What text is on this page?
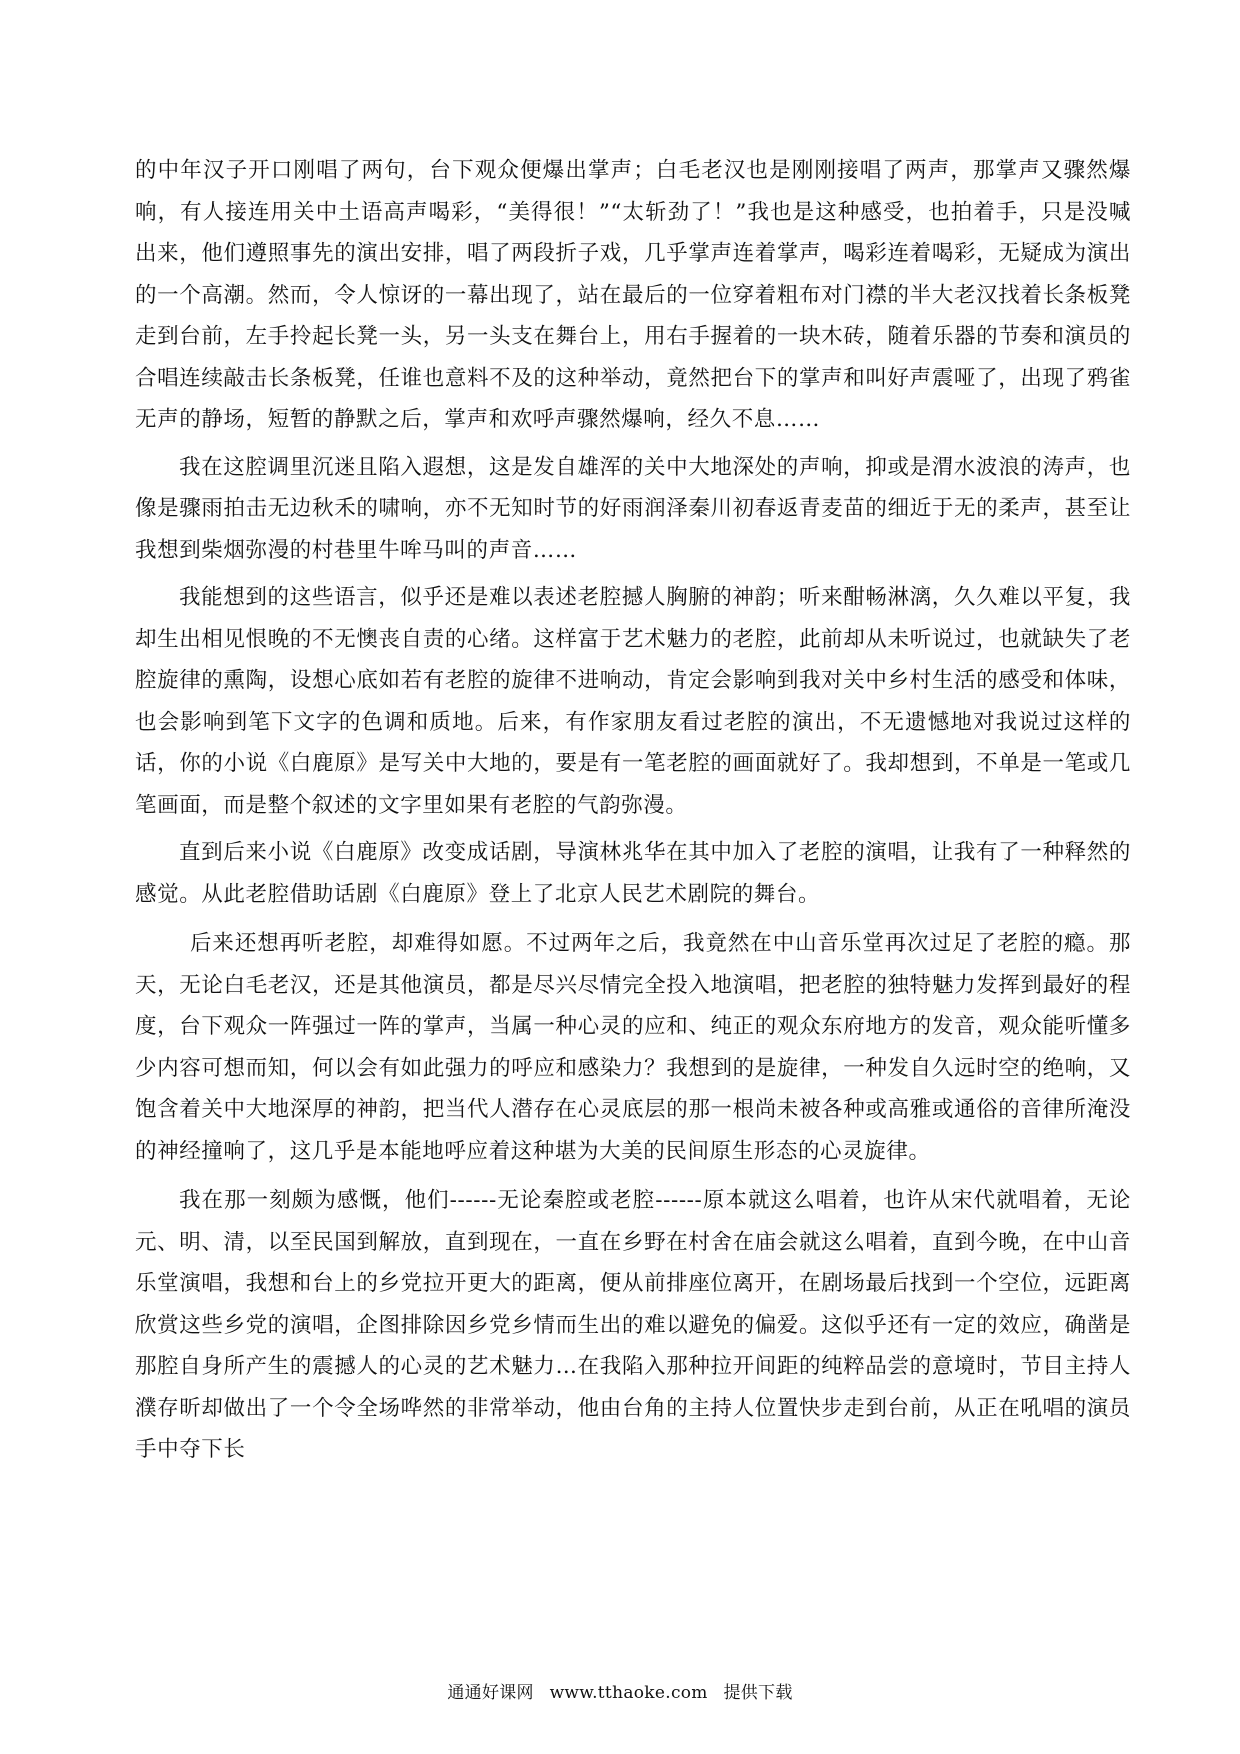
的中年汉子开口刚唱了两句，台下观众便爆出掌声；白毛老汉也是刚刚接唱了两声，那掌声又骤然爆响，有人接连用关中土语高声喝彩，“美得很！”“太斩劲了！”我也是这种感受，也拍着手，只是没喊出来，他们遵照事先的演出安排，唱了两段折子戏，几乎掌声连着掌声，喝彩连着喝彩，无疑成为演出的一个高潮。然而，令人惊讶的一幕出现了，站在最后的一位穿着粗布对门襟的半大老汉找着长条板凳走到台前，左手拎起长凳一头，另一头支在舞台上，用右手握着的一块木砖，随着乐器的节奏和演员的合唱连续敲击长条板凳，任谁也意料不及的这种举动，竟然把台下的掌声和叫好声震哑了，出现了鸦雀无声的静场，短暂的静默之后，掌声和欢呼声骤然爆响，经久不息……

我在这腔调里沉迷且陷入遐想，这是发自雄浑的关中大地深处的声响，抑或是渭水波浪的涛声，也像是骤雨拍击无边秋禾的啸响，亦不无知时节的好雨润泽秦川初春返青麦苗的细近于无的柔声，甚至让我想到柴烟弥漫的村巷里牛哞马叫的声音……

我能想到的这些语言，似乎还是难以表述老腔撼人胸腑的神韵；听来酣畅淋漓，久久难以平复，我却生出相见恨晚的不无懊丧自责的心绪。这样富于艺术魅力的老腔，此前却从未听说过，也就缺失了老腔旋律的熏陶，设想心底如若有老腔的旋律不进响动，肯定会影响到我对关中乡村生活的感受和体味，也会影响到笔下文字的色调和质地。后来，有作家朋友看过老腔的演出，不无遗憾地对我说过这样的话，你的小说《白鹿原》是写关中大地的，要是有一笔老腔的画面就好了。我却想到，不单是一笔或几笔画面，而是整个叙述的文字里如果有老腔的气韵弥漫。

直到后来小说《白鹿原》改变成话剧，导演林兆华在其中加入了老腔的演唱，让我有了一种释然的感觉。从此老腔借助话剧《白鹿原》登上了北京人民艺术剧院的舞台。

后来还想再听老腔，却难得如愿。不过两年之后，我竟然在中山音乐堂再次过足了老腔的瘾。那天，无论白毛老汉，还是其他演员，都是尽兴尽情完全投入地演唱，把老腔的独特魅力发挥到最好的程度，台下观众一阵强过一阵的掌声，当属一种心灵的应和、纯正的观众东府地方的发音，观众能听懂多少内容可想而知，何以会有如此强力的呼应和感染力？我想到的是旋律，一种发自久远时空的绝响，又饱含着关中大地深厚的神韵，把当代人潜存在心灵底层的那一根尚未被各种或高雅或通俗的音律所淹没的神经撞响了，这几乎是本能地呼应着这种堪为大美的民间原生形态的心灵旋律。

我在那一刻颇为感慨，他们------无论秦腔或老腔------原本就这么唱着，也许从宋代就唱着，无论元、明、清，以至民国到解放，直到现在，一直在乡野在村舍在庙会就这么唱着，直到今晚，在中山音乐堂演唱，我想和台上的乡党拉开更大的距离，便从前排座位离开，在剧场最后找到一个空位，远距离欣赏这些乡党的演唱，企图排除因乡党乡情而生出的难以避免的偏爱。这似乎还有一定的效应，确凿是那腔自身所产生的震撼人的心灵的艺术魅力…在我陷入那种拉开间距的纯粹品尝的意境时，节目主持人濮存昕却做出了一个令全场哗然的非常举动，他由台角的主持人位置快步走到台前，从正在吼唱的演员手中夺下长

通通好课网 www.tthaoke.com 提供下载
